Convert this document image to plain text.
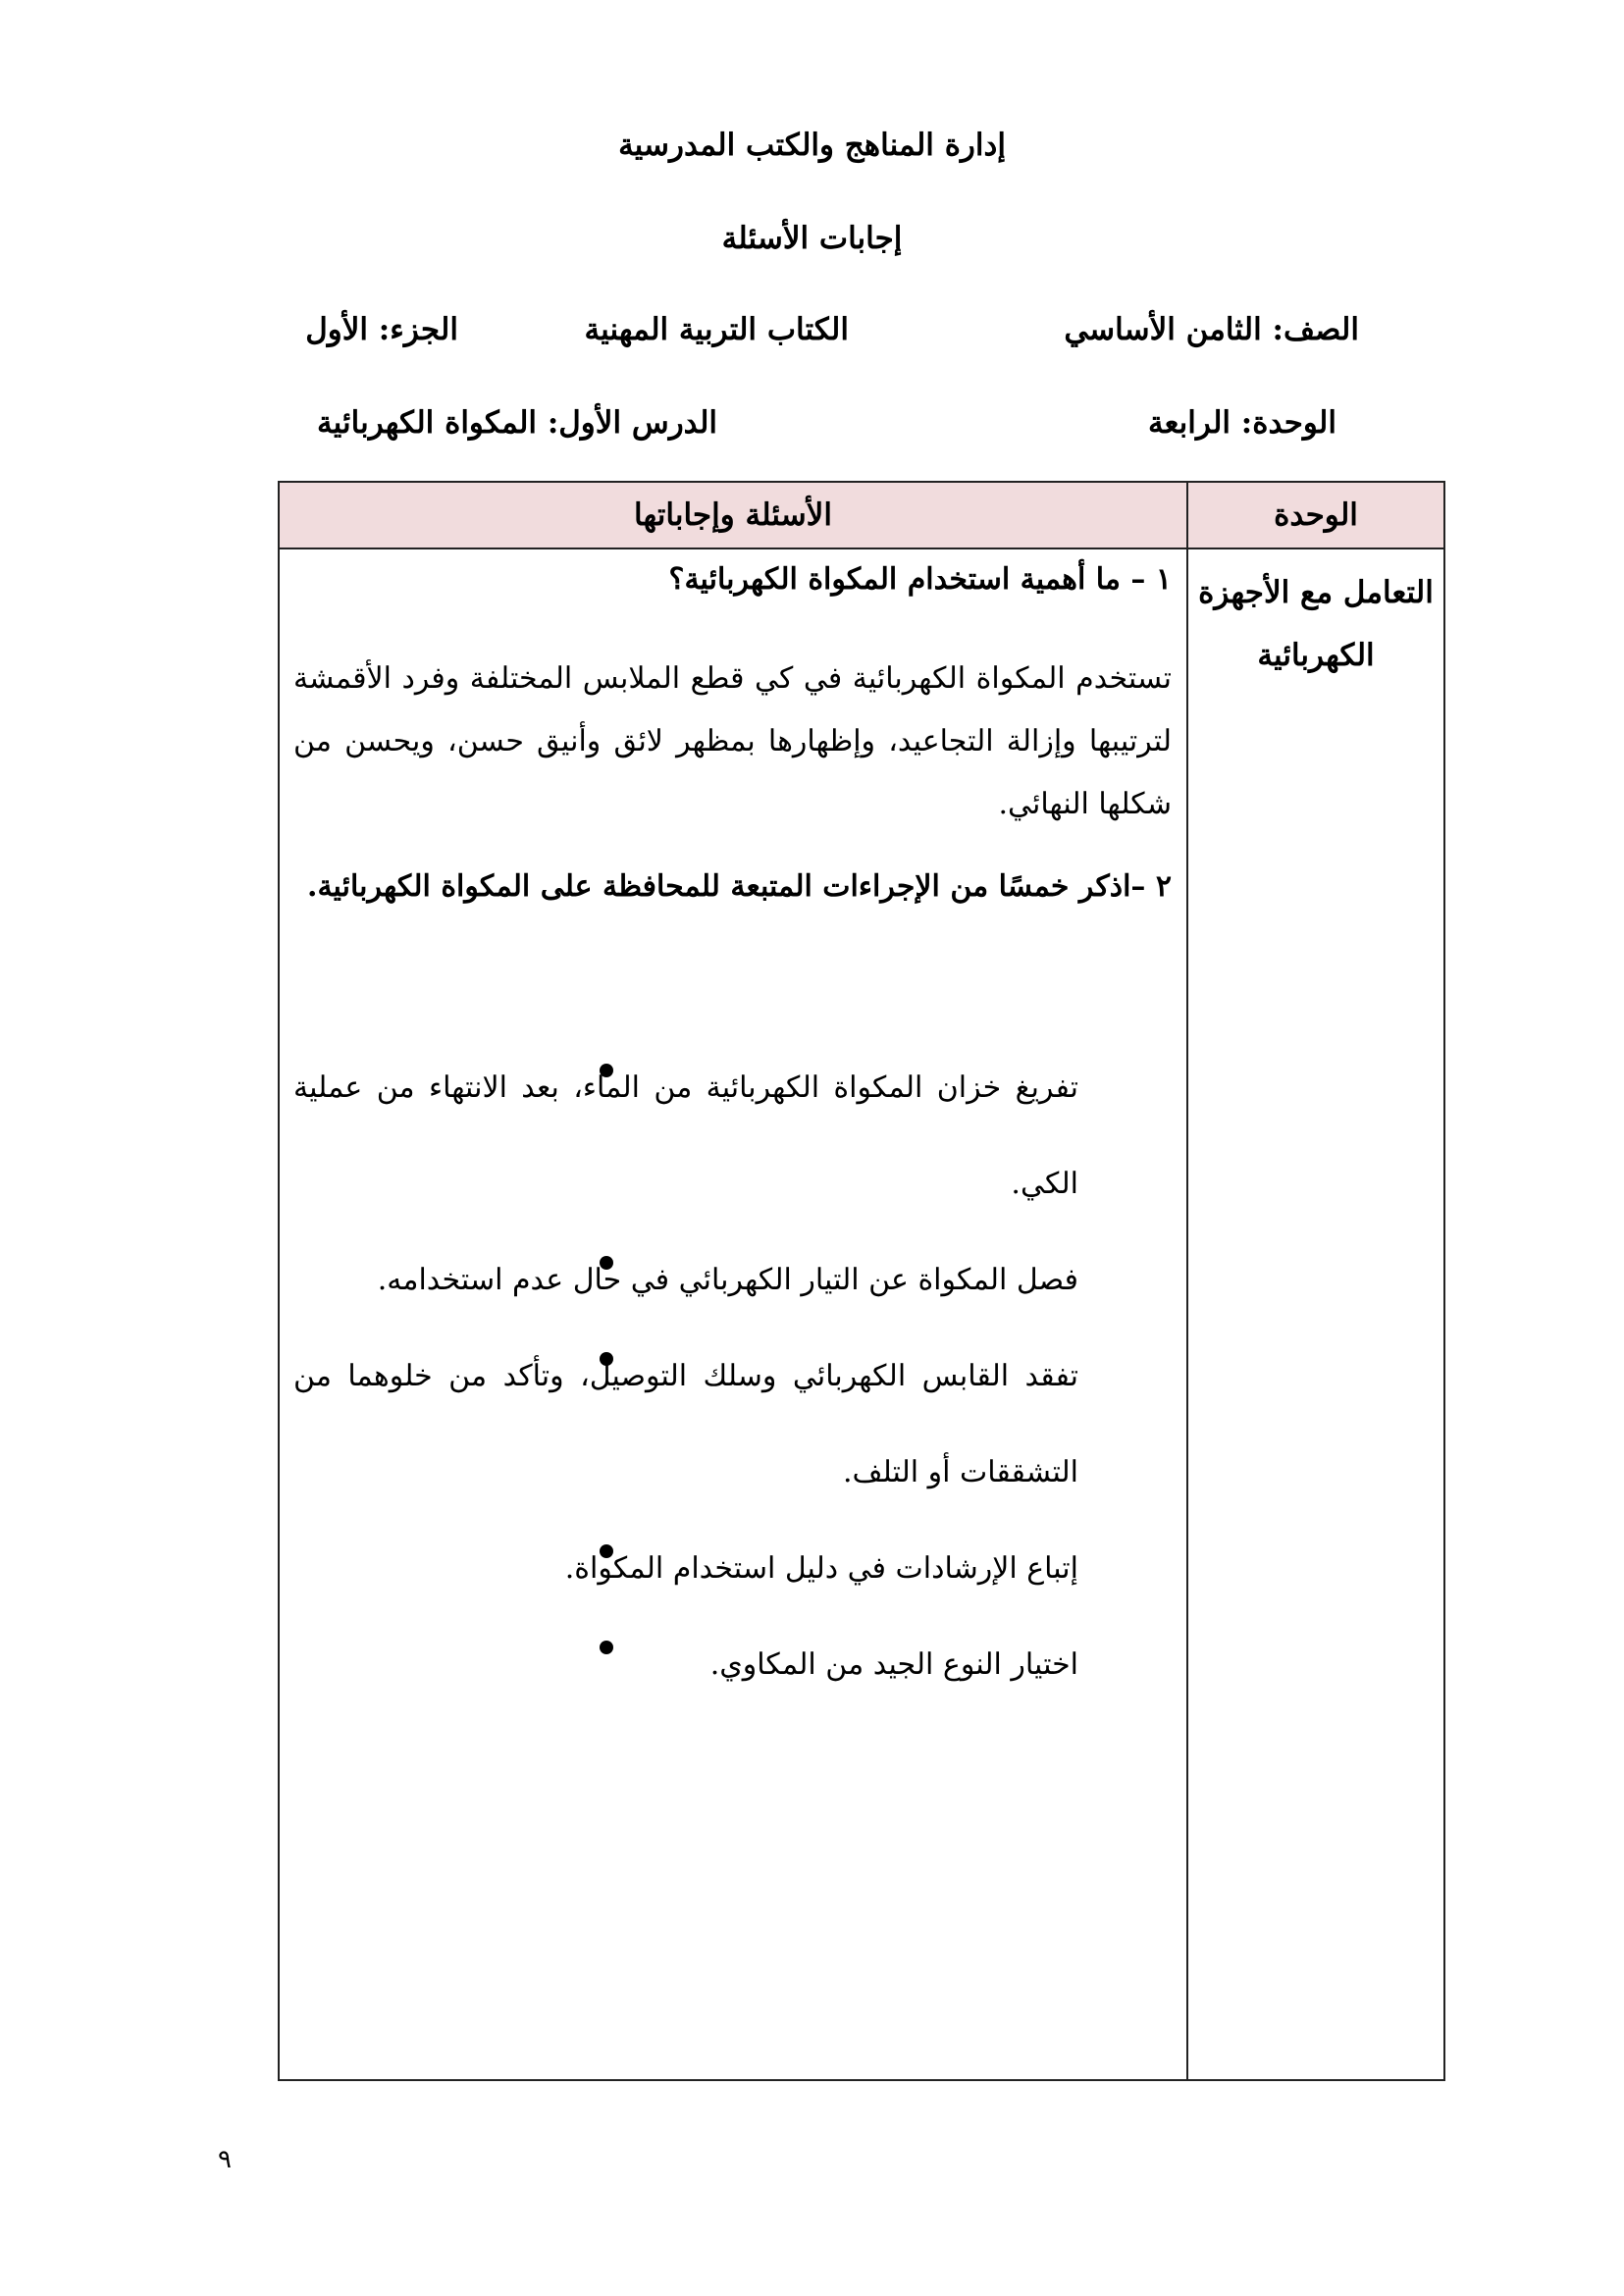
إدارة المناهج والكتب المدرسية
إجابات الأسئلة
الصف: الثامن الأساسي
الكتاب التربية المهنية
الجزء: الأول
الوحدة: الرابعة
الدرس الأول: المكواة الكهربائية
الوحدة
الأسئلة وإجاباتها
التعامل مع الأجهزة
الكهربائية
١ – ما أهمية استخدام المكواة الكهربائية؟
تستخدم المكواة الكهربائية في كي قطع الملابس المختلفة وفرد الأقمشة لترتيبها وإزالة التجاعيد، وإظهارها بمظهر لائق وأنيق حسن، ويحسن من شكلها النهائي.
٢ –اذكر خمسًا من الإجراءات المتبعة للمحافظة على المكواة الكهربائية.
تفريغ خزان المكواة الكهربائية من الماء، بعد الانتهاء من عملية الكي.
فصل المكواة عن التيار الكهربائي في حال عدم استخدامه.
تفقد القابس الكهربائي وسلك التوصيل، وتأكد من خلوهما من التشققات أو التلف.
إتباع الإرشادات في دليل استخدام المكواة.
اختيار النوع الجيد من المكاوي.
٩
